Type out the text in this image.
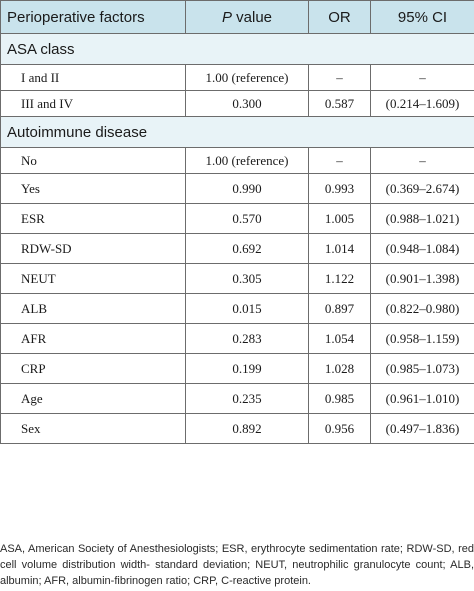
Perioperative factors	P value	OR	95% CI
ASA class			
I and II	1.00 (reference)	–	–
III and IV	0.300	0.587	(0.214–1.609)
Autoimmune disease			
No	1.00 (reference)	–	–
Yes	0.990	0.993	(0.369–2.674)
ESR	0.570	1.005	(0.988–1.021)
RDW-SD	0.692	1.014	(0.948–1.084)
NEUT	0.305	1.122	(0.901–1.398)
ALB	0.015	0.897	(0.822–0.980)
AFR	0.283	1.054	(0.958–1.159)
CRP	0.199	1.028	(0.985–1.073)
Age	0.235	0.985	(0.961–1.010)
Sex	0.892	0.956	(0.497–1.836)
ASA, American Society of Anesthesiologists; ESR, erythrocyte sedimentation rate; RDW-SD, red cell volume distribution width- standard deviation; NEUT, neutrophilic granulocyte count; ALB, albumin; AFR, albumin-fibrinogen ratio; CRP, C-reactive protein.
